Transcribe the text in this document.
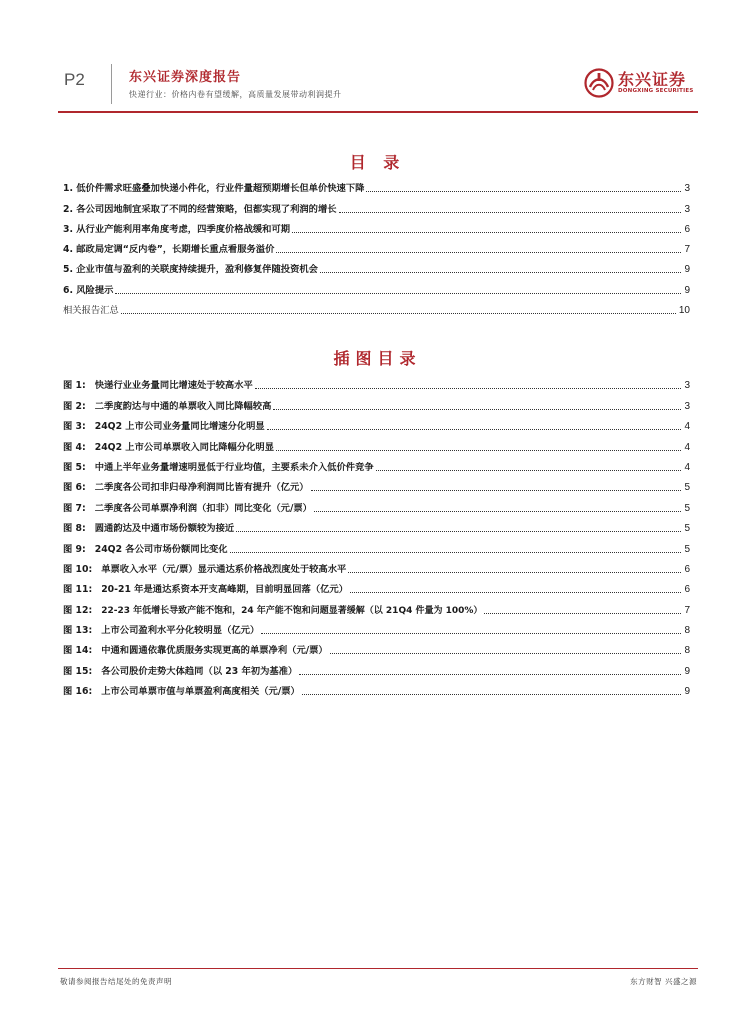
P2	东兴证券深度报告
快递行业：价格内卷有望缓解，高质量发展带动利润提升
东兴证券
DONGXING SECURITIES
目 录
1. 低价件需求旺盛叠加快递小件化，行业件量超预期增长但单价快速下降	3
2. 各公司因地制宜采取了不同的经营策略，但都实现了利润的增长	3
3. 从行业产能利用率角度考虑，四季度价格战缓和可期	6
4. 邮政局定调“反内卷”，长期增长重点看服务溢价	7
5. 企业市值与盈利的关联度持续提升，盈利修复伴随投资机会	9
6. 风险提示	9
相关报告汇总	10
插图目录
图 1: 快递行业业务量同比增速处于较高水平	3
图 2: 二季度韵达与中通的单票收入同比降幅较高	3
图 3: 24Q2 上市公司业务量同比增速分化明显	4
图 4: 24Q2 上市公司单票收入同比降幅分化明显	4
图 5: 中通上半年业务量增速明显低于行业均值，主要系未介入低价件竞争	4
图 6: 二季度各公司扣非归母净利润同比皆有提升（亿元）	5
图 7: 二季度各公司单票净利润（扣非）同比变化（元/票）	5
图 8: 圆通韵达及中通市场份额较为接近	5
图 9: 24Q2 各公司市场份额同比变化	5
图 10: 单票收入水平（元/票）显示通达系价格战烈度处于较高水平	6
图 11: 20-21 年是通达系资本开支高峰期，目前明显回落（亿元）	6
图 12: 22-23 年低增长导致产能不饱和，24 年产能不饱和问题显著缓解（以 21Q4 件量为 100%）	7
图 13: 上市公司盈利水平分化较明显（亿元）	8
图 14: 中通和圆通依靠优质服务实现更高的单票净利（元/票）	8
图 15: 各公司股价走势大体趋同（以 23 年初为基准）	9
图 16: 上市公司单票市值与单票盈利高度相关（元/票）	9
敬请参阅报告结尾处的免责声明	东方财智 兴盛之源
